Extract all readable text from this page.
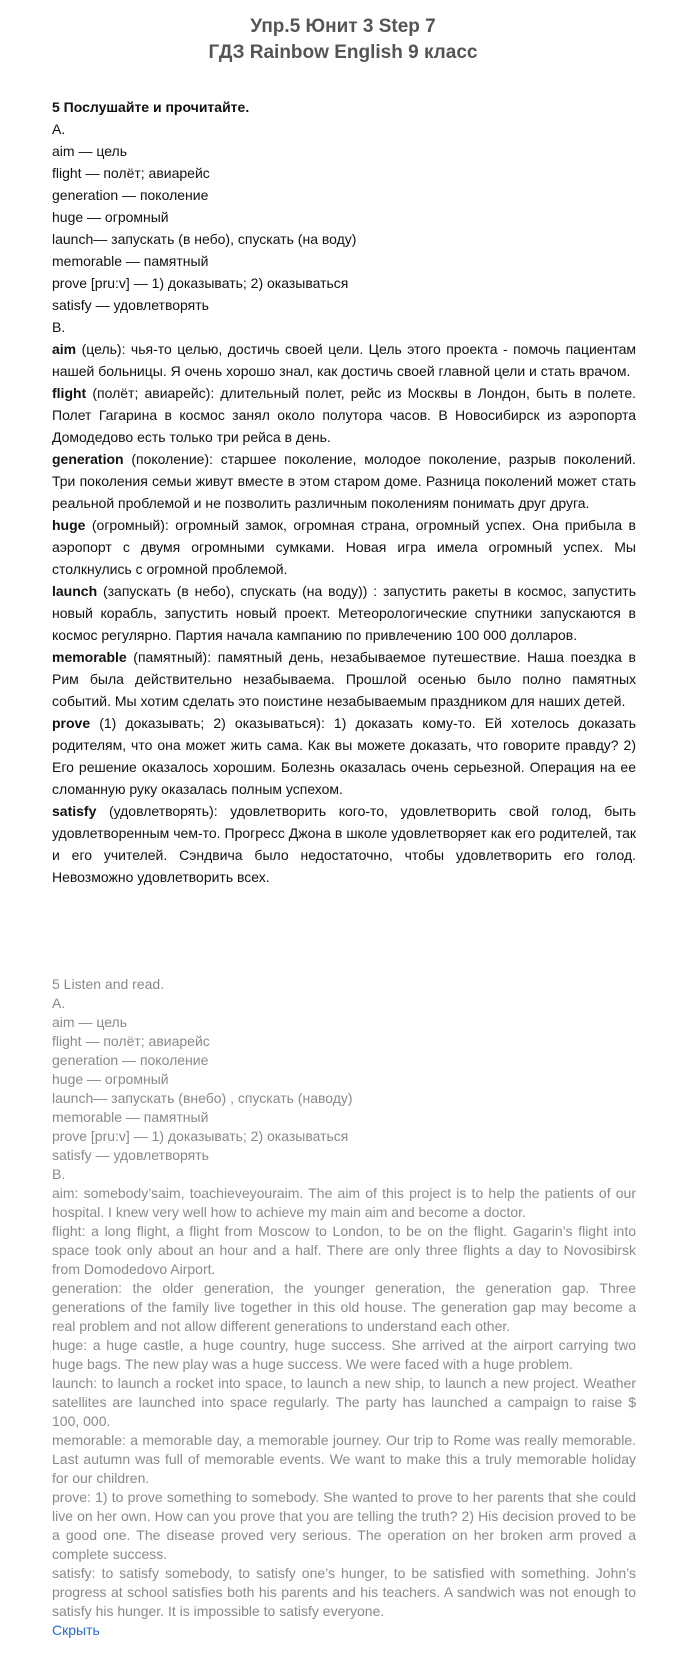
Упр.5 Юнит 3 Step 7
ГДЗ Rainbow English 9 класс

5 Послушайте и прочитайте.

A.

aim — цель

flight — полёт; авиарейс

generation — поколение

huge — огромный

launch— запускать (в небо), спускать (на воду)

memorable — памятный

prove [pru:v] — 1) доказывать; 2) оказываться

satisfy — удовлетворять

B.

aim (цель): чья-то целью, достичь своей цели. Цель этого проекта - помочь пациентам нашей больницы. Я очень хорошо знал, как достичь своей главной цели и стать врачом.

flight (полёт; авиарейс): длительный полет, рейс из Москвы в Лондон, быть в полете. Полет Гагарина в космос занял около полутора часов. В Новосибирск из аэропорта Домодедово есть только три рейса в день.

generation (поколение): старшее поколение, молодое поколение, разрыв поколений. Три поколения семьи живут вместе в этом старом доме. Разница поколений может стать реальной проблемой и не позволить различным поколениям понимать друг друга.

huge (огромный): огромный замок, огромная страна, огромный успех. Она прибыла в аэропорт с двумя огромными сумками. Новая игра имела огромный успех. Мы столкнулись с огромной проблемой.

launch (запускать (в небо), спускать (на воду)) : запустить ракеты в космос, запустить новый корабль, запустить новый проект. Метеорологические спутники запускаются в космос регулярно. Партия начала кампанию по привлечению 100 000 долларов.

memorable (памятный): памятный день, незабываемое путешествие. Наша поездка в Рим была действительно незабываема. Прошлой осенью было полно памятных событий. Мы хотим сделать это поистине незабываемым праздником для наших детей.

prove (1) доказывать; 2) оказываться): 1) доказать кому-то. Ей хотелось доказать родителям, что она может жить сама. Как вы можете доказать, что говорите правду? 2) Его решение оказалось хорошим. Болезнь оказалась очень серьезной. Операция на ее сломанную руку оказалась полным успехом.

satisfy (удовлетворять): удовлетворить кого-то, удовлетворить свой голод, быть удовлетворенным чем-то. Прогресс Джона в школе удовлетворяет как его родителей, так и его учителей. Сэндвича было недостаточно, чтобы удовлетворить его голод. Невозможно удовлетворить всех.

5 Listen and read.

A.

aim — цель

flight — полёт; авиарейс

generation — поколение

huge — огромный

launch— запускать (внебо) , спускать (наводу)

memorable — памятный

prove [pru:v] — 1) доказывать; 2) оказываться

satisfy — удовлетворять

B.

aim: somebody’saim, toachieveyouraim. The aim of this project is to help the patients of our hospital. I knew very well how to achieve my main aim and become a doctor.

flight: a long flight, a flight from Moscow to London, to be on the flight. Gagarin’s flight into space took only about an hour and a half. There are only three flights a day to Novosibirsk from Domodedovo Airport.

generation: the older generation, the younger generation, the generation gap. Three generations of the family live together in this old house. The generation gap may become a real problem and not allow different generations to understand each other.

huge: a huge castle, a huge country, huge success. She arrived at the airport carrying two huge bags. The new play was a huge success. We were faced with a huge problem.

launch: to launch a rocket into space, to launch a new ship, to launch a new project. Weather satellites are launched into space regularly. The party has launched a campaign to raise $ 100, 000.

memorable: a memorable day, a memorable journey. Our trip to Rome was really memorable. Last autumn was full of memorable events. We want to make this a truly memorable holiday for our children.

prove: 1) to prove something to somebody. She wanted to prove to her parents that she could live on her own. How can you prove that you are telling the truth? 2) His decision proved to be a good one. The disease proved very serious. The operation on her broken arm proved a complete success.

satisfy: to satisfy somebody, to satisfy one’s hunger, to be satisfied with something. John’s progress at school satisfies both his parents and his teachers. A sandwich was not enough to satisfy his hunger. It is impossible to satisfy everyone.

Скрыть
